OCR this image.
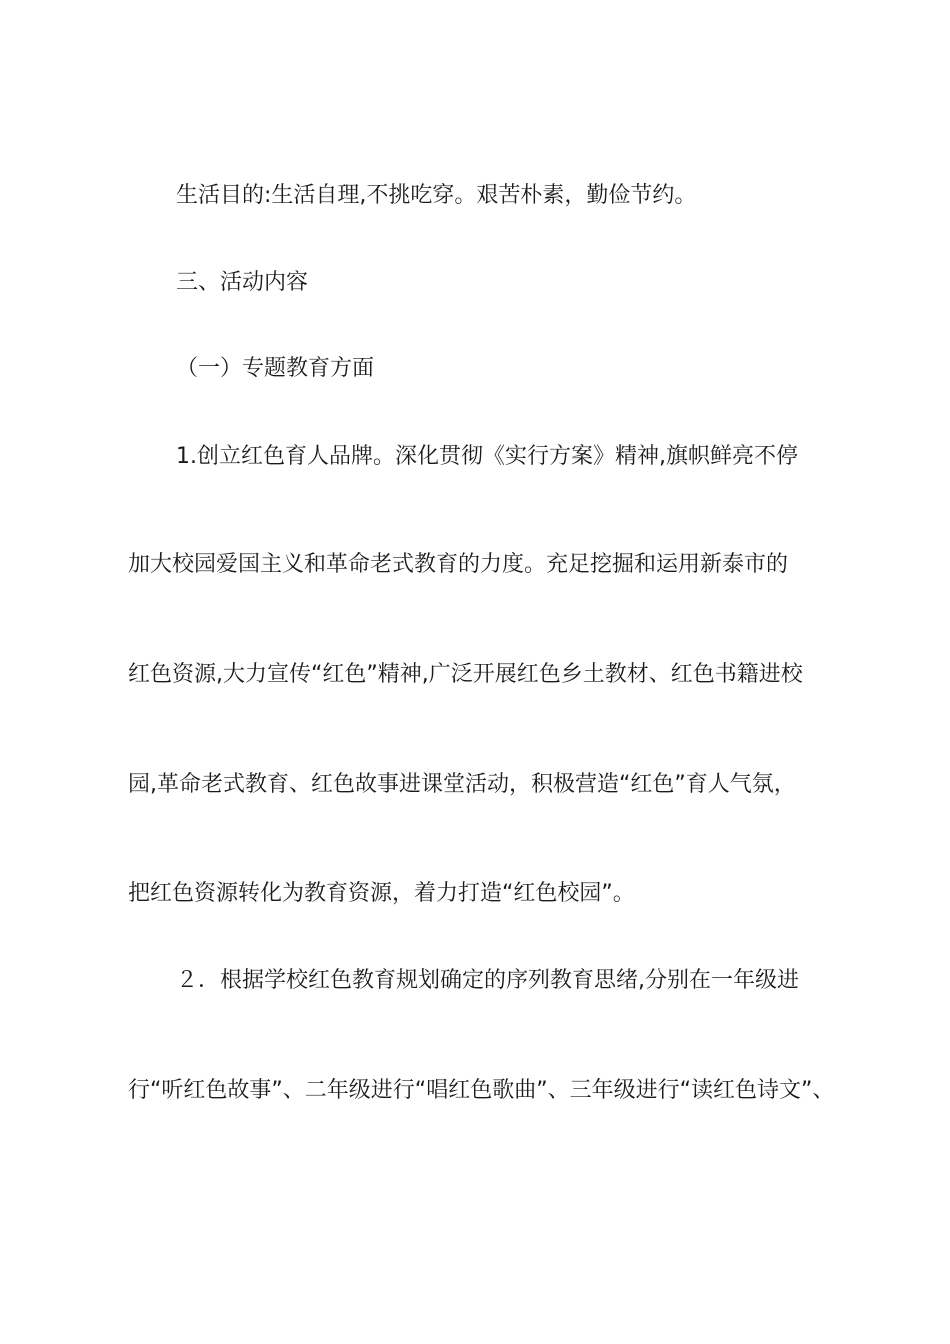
生活目的:生活自理,不挑吃穿。艰苦朴素，勤俭节约。
三、活动内容
（一）专题教育方面
1.创立红色育人品牌。深化贯彻《实行方案》精神,旗帜鲜亮不停
加大校园爱国主义和革命老式教育的力度。充足挖掘和运用新泰市的
红色资源,大力宣传“红色”精神,广泛开展红色乡土教材、红色书籍进校
园,革命老式教育、红色故事进课堂活动，积极营造“红色”育人气氛，
把红色资源转化为教育资源，着力打造“红色校园”。
２．根据学校红色教育规划确定的序列教育思绪,分别在一年级进
行“听红色故事”、二年级进行“唱红色歌曲”、三年级进行“读红色诗文”、
